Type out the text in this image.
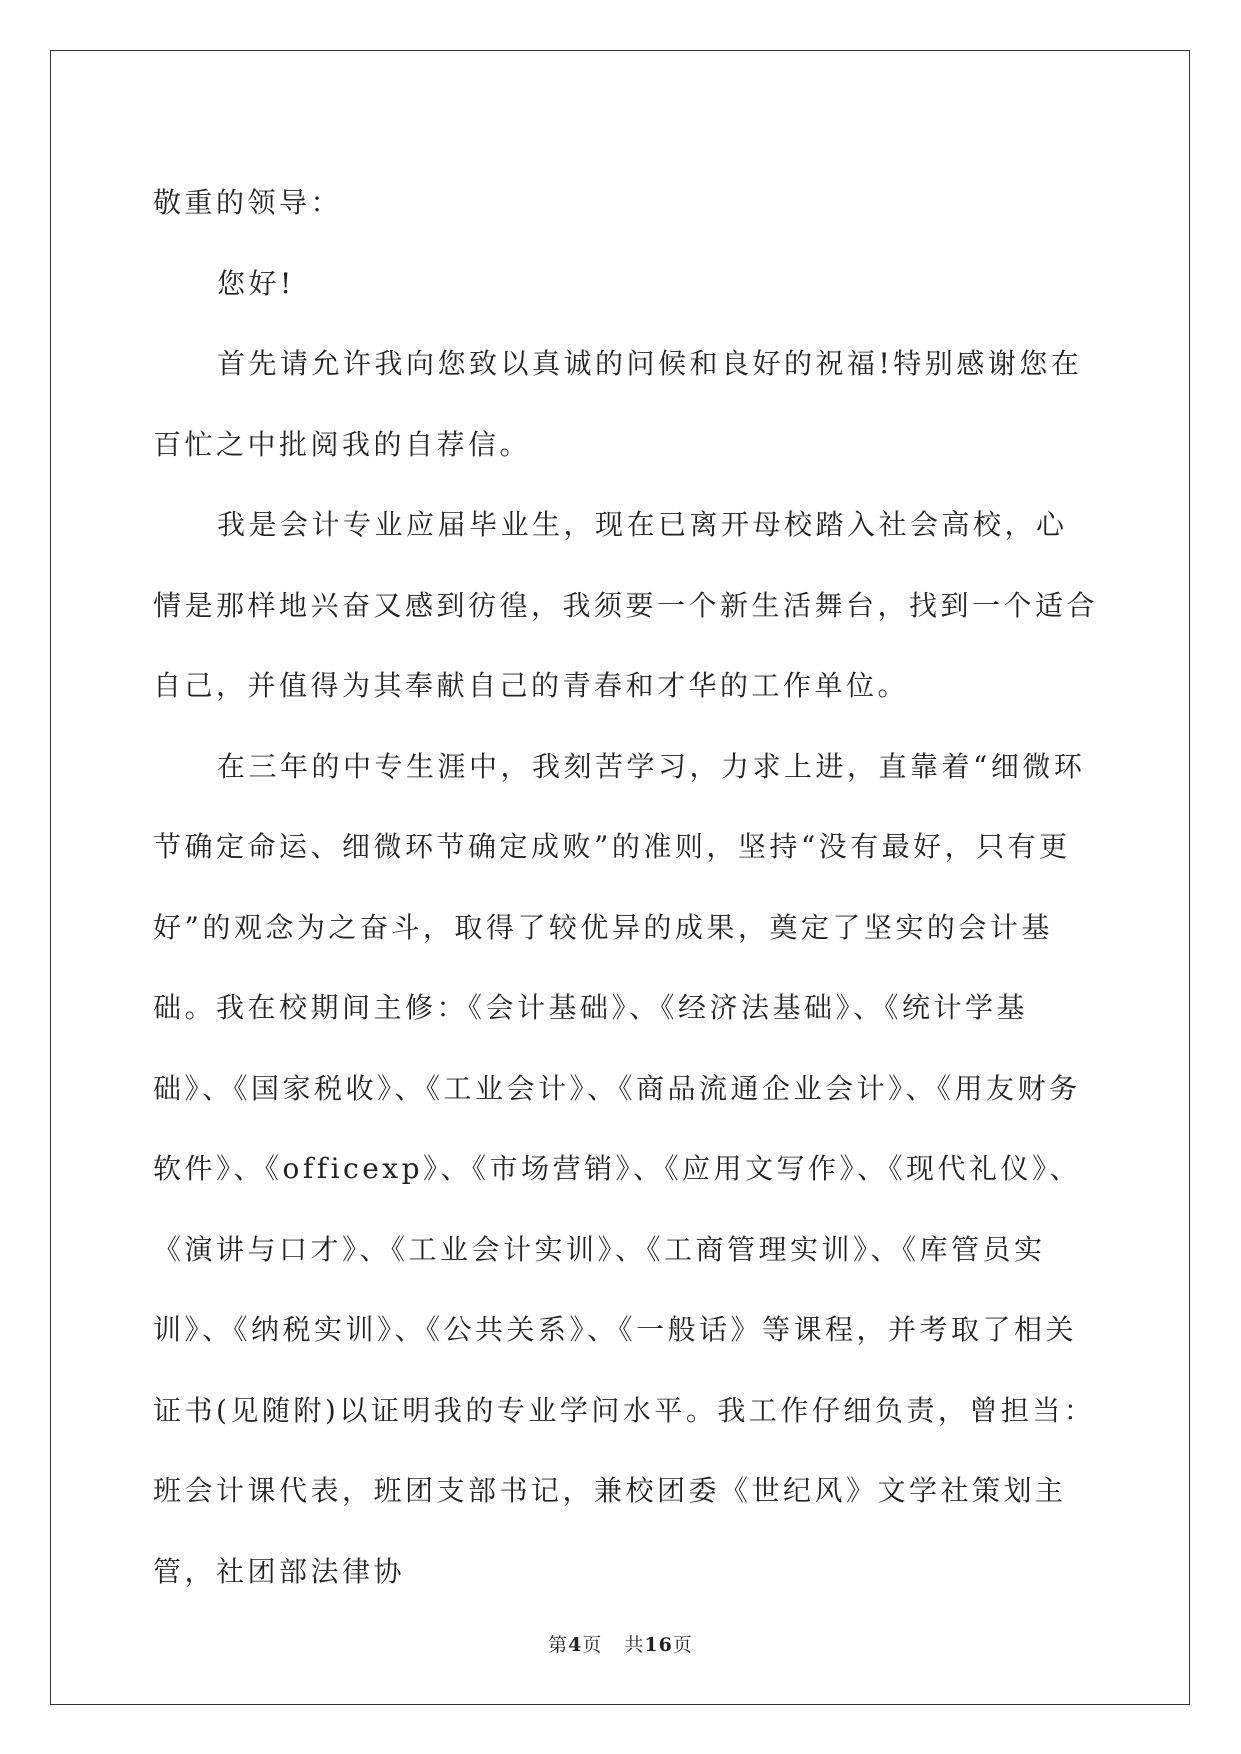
敬重的领导：

您好!

首先请允许我向您致以真诚的问候和良好的祝福!特别感谢您在百忙之中批阅我的自荐信。

我是会计专业应届毕业生，现在已离开母校踏入社会高校，心情是那样地兴奋又感到彷徨，我须要一个新生活舞台，找到一个适合自己，并值得为其奉献自己的青春和才华的工作单位。

在三年的中专生涯中，我刻苦学习，力求上进，直靠着“细微环节确定命运、细微环节确定成败”的准则，坚持“没有最好，只有更好”的观念为之奋斗，取得了较优异的成果，奠定了坚实的会计基础。我在校期间主修：《会计基础》、《经济法基础》、《统计学基础》、《国家税收》、《工业会计》、《商品流通企业会计》、《用友财务软件》、《officexp》、《市场营销》、《应用文写作》、《现代礼仪》、《演讲与口才》、《工业会计实训》、《工商管理实训》、《库管员实训》、《纳税实训》、《公共关系》、《一般话》等课程，并考取了相关证书(见随附)以证明我的专业学问水平。我工作仔细负责，曾担当：班会计课代表，班团支部书记，兼校团委《世纪风》文学社策划主管，社团部法律协

第4页 共16页
